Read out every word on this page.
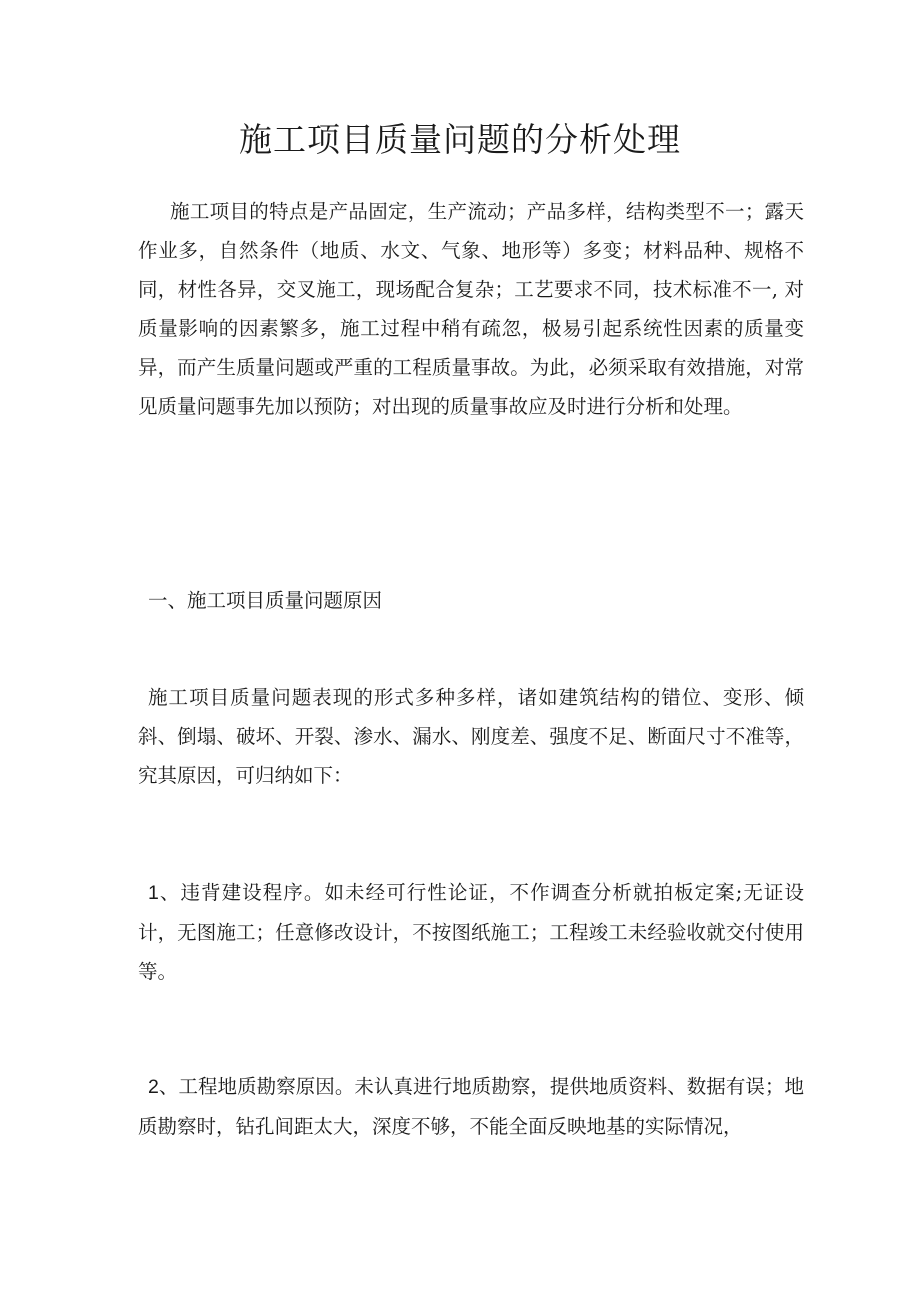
施工项目质量问题的分析处理

施工项目的特点是产品固定，生产流动；产品多样，结构类型不一；露天作业多，自然条件（地质、水文、气象、地形等）多变；材料品种、规格不同，材性各异，交叉施工，现场配合复杂；工艺要求不同，技术标准不一, 对质量影响的因素繁多，施工过程中稍有疏忽，极易引起系统性因素的质量变异，而产生质量问题或严重的工程质量事故。为此，必须采取有效措施，对常见质量问题事先加以预防；对出现的质量事故应及时进行分析和处理。

一、施工项目质量问题原因

施工项目质量问题表现的形式多种多样，诸如建筑结构的错位、变形、倾斜、倒塌、破坏、开裂、渗水、漏水、刚度差、强度不足、断面尺寸不准等，究其原因，可归纳如下：

1、违背建设程序。如未经可行性论证，不作调查分析就拍板定案;无证设计，无图施工；任意修改设计，不按图纸施工；工程竣工未经验收就交付使用等。

2、工程地质勘察原因。未认真进行地质勘察，提供地质资料、数据有误；地质勘察时，钻孔间距太大，深度不够，不能全面反映地基的实际情况，
